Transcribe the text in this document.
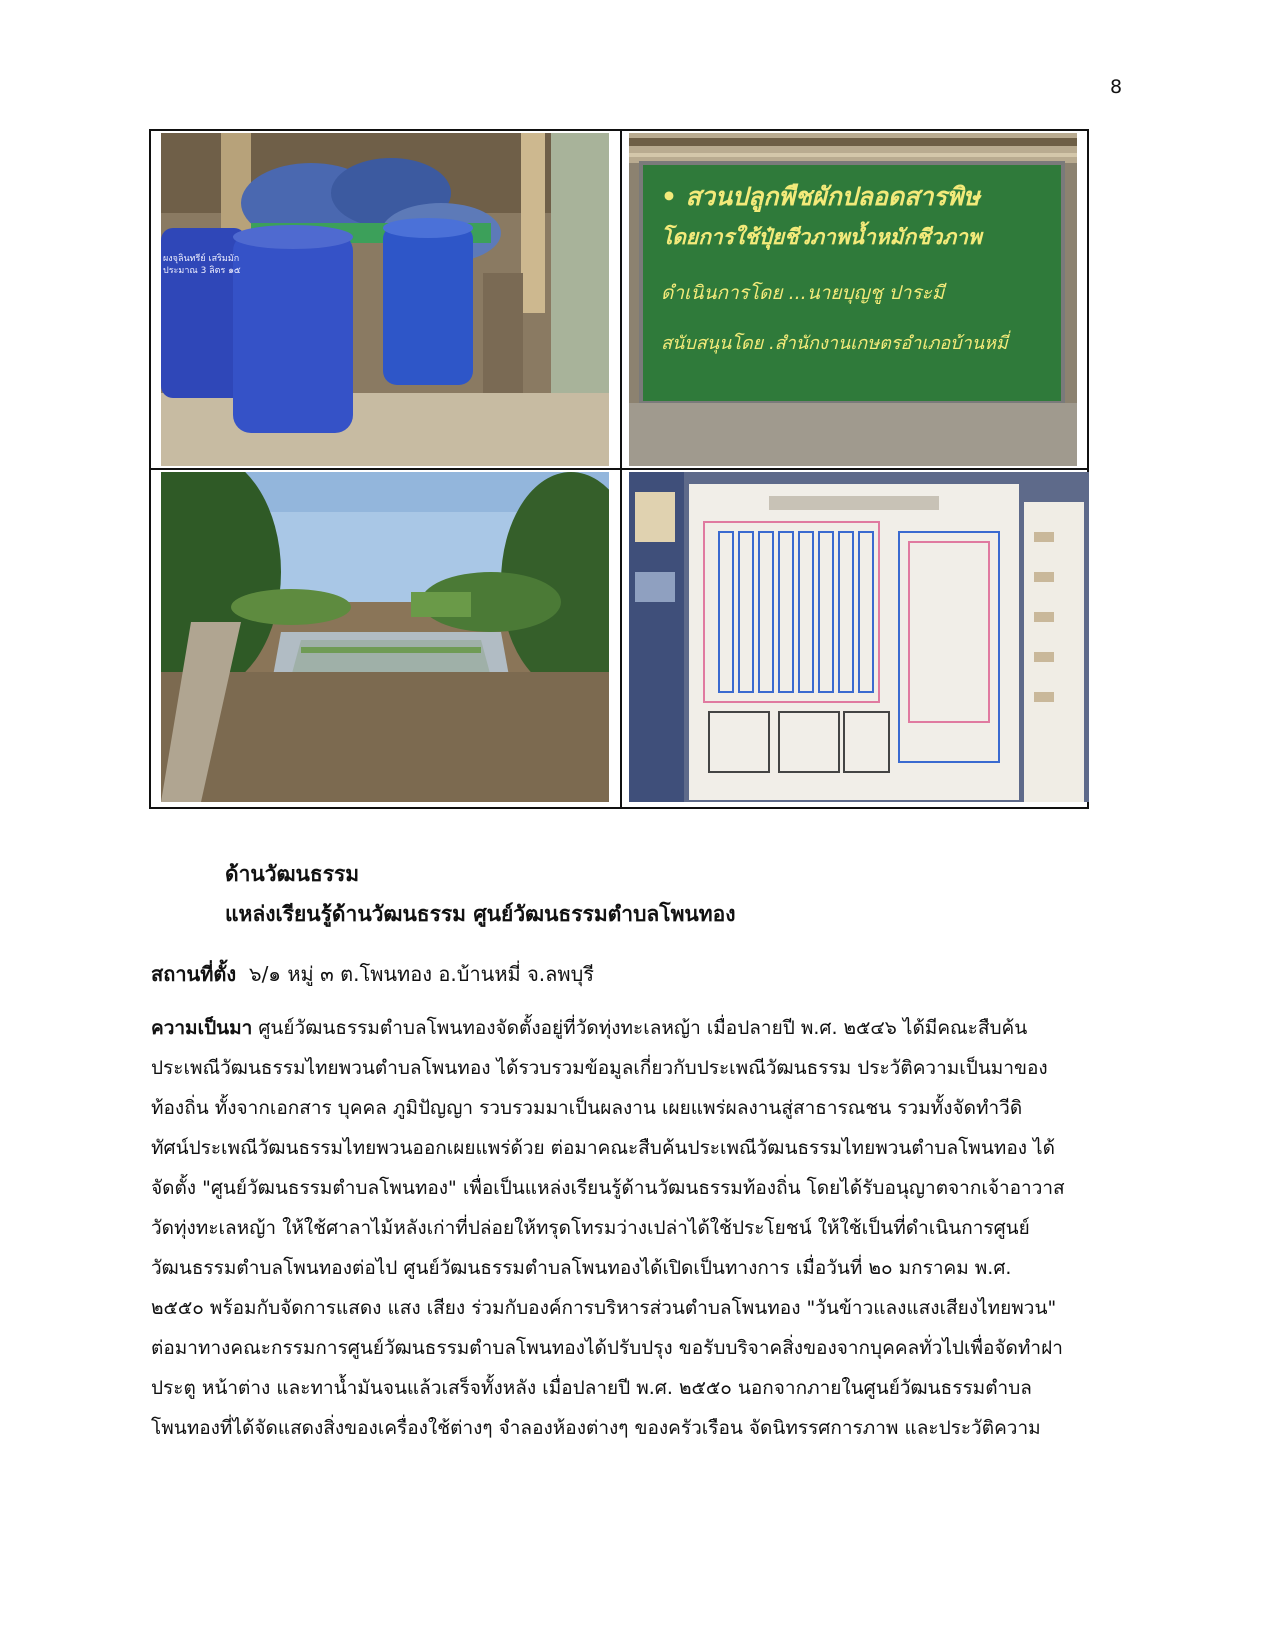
8
ผงจุลินทรีย์ เสริมมัก
ประมาณ 3 ลิตร ๑๕
• สวนปลูกพืชผักปลอดสารพิษ
โดยการใช้ปุ๋ยชีวภาพน้ำหมักชีวภาพ
ดำเนินการโดย ...นายบุญชู ปาระมี
สนับสนุนโดย .สำนักงานเกษตรอำเภอบ้านหมี่
ด้านวัฒนธรรม
แหล่งเรียนรู้ด้านวัฒนธรรม ศูนย์วัฒนธรรมตำบลโพนทอง
สถานที่ตั้ง ๖/๑ หมู่ ๓ ต.โพนทอง อ.บ้านหมี่ จ.ลพบุรี
ความเป็นมา ศูนย์วัฒนธรรมตำบลโพนทองจัดตั้งอยู่ที่วัดทุ่งทะเลหญ้า เมื่อปลายปี พ.ศ. ๒๕๔๖ ได้มีคณะสืบค้น
ประเพณีวัฒนธรรมไทยพวนตำบลโพนทอง ได้รวบรวมข้อมูลเกี่ยวกับประเพณีวัฒนธรรม ประวัติความเป็นมาของ
ท้องถิ่น ทั้งจากเอกสาร บุคคล ภูมิปัญญา รวบรวมมาเป็นผลงาน เผยแพร่ผลงานสู่สาธารณชน รวมทั้งจัดทำวีดิ
ทัศน์ประเพณีวัฒนธรรมไทยพวนออกเผยแพร่ด้วย ต่อมาคณะสืบค้นประเพณีวัฒนธรรมไทยพวนตำบลโพนทอง ได้
จัดตั้ง "ศูนย์วัฒนธรรมตำบลโพนทอง" เพื่อเป็นแหล่งเรียนรู้ด้านวัฒนธรรมท้องถิ่น โดยได้รับอนุญาตจากเจ้าอาวาส
วัดทุ่งทะเลหญ้า ให้ใช้ศาลาไม้หลังเก่าที่ปล่อยให้ทรุดโทรมว่างเปล่าได้ใช้ประโยชน์ ให้ใช้เป็นที่ดำเนินการศูนย์
วัฒนธรรมตำบลโพนทองต่อไป ศูนย์วัฒนธรรมตำบลโพนทองได้เปิดเป็นทางการ เมื่อวันที่ ๒๐ มกราคม พ.ศ.
๒๕๕๐ พร้อมกับจัดการแสดง แสง เสียง ร่วมกับองค์การบริหารส่วนตำบลโพนทอง "วันข้าวแลงแสงเสียงไทยพวน"
ต่อมาทางคณะกรรมการศูนย์วัฒนธรรมตำบลโพนทองได้ปรับปรุง ขอรับบริจาคสิ่งของจากบุคคลทั่วไปเพื่อจัดทำฝา
ประตู หน้าต่าง และทาน้ำมันจนแล้วเสร็จทั้งหลัง เมื่อปลายปี พ.ศ. ๒๕๕๐ นอกจากภายในศูนย์วัฒนธรรมตำบล
โพนทองที่ได้จัดแสดงสิ่งของเครื่องใช้ต่างๆ จำลองห้องต่างๆ ของครัวเรือน จัดนิทรรศการภาพ และประวัติความ
